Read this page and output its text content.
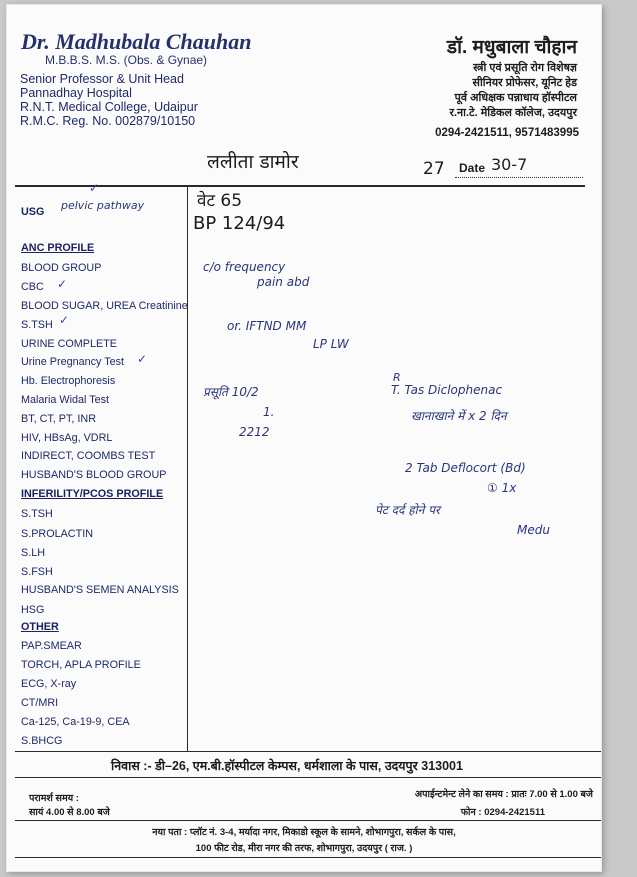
Dr. Madhubala Chauhan
M.B.B.S. M.S. (Obs. & Gynae)
Senior Professor & Unit Head
Pannadhay Hospital
R.N.T. Medical College, Udaipur
R.M.C. Reg. No. 002879/10150
डॉ. मधुबाला चौहान
स्त्री एवं प्रसूति रोग विशेषज्ञ
सीनियर प्रोफेसर, यूनिट हेड
पूर्व अधिक्षक पन्नाधाय हॉस्पीटल
र.ना.टे. मेडिकल कॉलेज, उदयपुर
0294-2421511, 9571483995
ललीता डामोर	27 Date 30-7
USG
ANC PROFILE
BLOOD GROUP
CBC
BLOOD SUGAR, UREA Creatinine
S.TSH
URINE COMPLETE
Urine Pregnancy Test
Hb. Electrophoresis
Malaria Widal Test
BT, CT, PT, INR
HIV, HBsAg, VDRL
INDIRECT, COOMBS TEST
HUSBAND'S BLOOD GROUP
INFERILITY/PCOS PROFILE
S.TSH
S.PROLACTIN
S.LH
S.FSH
HUSBAND'S SEMEN ANALYSIS
HSG
OTHER
PAP.SMEAR
TORCH, APLA PROFILE
ECG, X-ray
CT/MRI
Ca-125, Ca-19-9, CEA
S.BHCG
✓
✓
✓
✓
pelvic pathway	वेट 65
BP 124/94
c/o frequency
pain abd
or. IFTND MM
LP LW
प्रसूति 10/2
1.
2212
R
T. Tas Diclophenac
खानाखाने में x 2 दिन
2 Tab Deflocort (Bd)
① 1x
पेट दर्द होने पर
Medu
निवास :- डी–26, एम.बी.हॉस्पीटल केम्पस, धर्मशाला के पास, उदयपुर 313001
परामर्श समय :
सायं 4.00 से 8.00 बजे
अपाईन्टमेन्ट लेने का समय : प्रातः 7.00 से 1.00 बजे
फोन : 0294-2421511
नया पता : प्लॉट नं. 3-4, मर्यादा नगर, मिकाडो स्कूल के सामने, शोभागपुरा, सर्कल के पास,
100 फीट रोड, मीरा नगर की तरफ, शोभागपुरा, उदयपुर ( राज. )
